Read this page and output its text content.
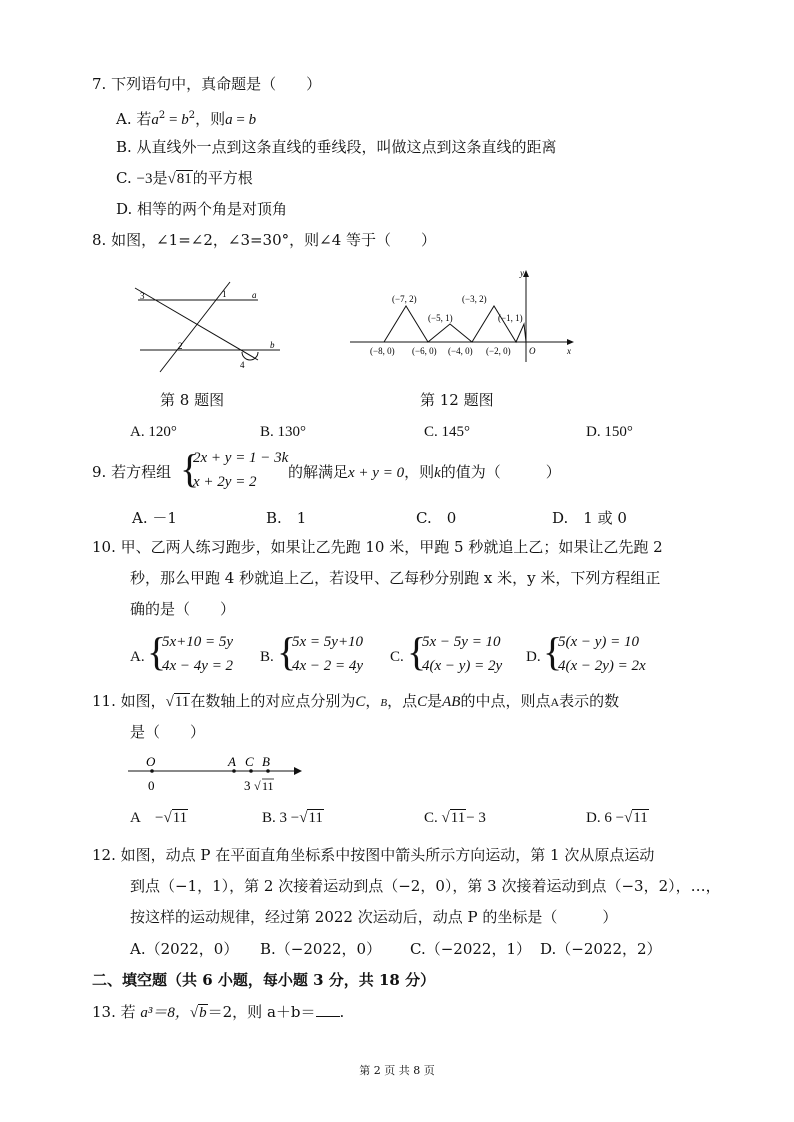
7. 下列语句中，真命题是（　　）
A. 若$a^2 = b^2$，则a = b
B. 从直线外一点到这条直线的垂线段，叫做这点到这条直线的距离
C. −3是√81的平方根
D. 相等的两个角是对顶角
8. 如图，∠1=∠2，∠3=30°，则∠4 等于（　　）
3	1	a
2	b
4
y
x
O
(−7, 2)
(−5, 1)
(−3, 2)
(−1, 1)
(−8, 0) (−6, 0) (−4, 0) (−2, 0)
第 8 题图	第 12 题图
A. 120°	B. 130°	C. 145°	D. 150°
9. 若方程组 {
2x + y = 1 − 3k
x + 2y = 2
的解满足x + y = 0，则k的值为（　　　）
A. －1	B.　1	C.　0	D.　1 或 0
10. 甲、乙两人练习跑步，如果让乙先跑 10 米，甲跑 5 秒就追上乙；如果让乙先跑 2
秒，那么甲跑 4 秒就追上乙，若设甲、乙每秒分别跑 x 米，y 米，下列方程组正
确的是（　　）
A. {
5x+10 = 5y
4x − 4y = 2
B. {
5x = 5y+10
4x − 2 = 4y
C. {
5x − 5y = 10
4(x − y) = 2y
D. {
5(x − y) = 10
4(x − 2y) = 2x
11. 如图，√11在数轴上的对应点分别为C，B，点C是AB的中点，则点A表示的数
是（　　）
O	A C B
0	3 √ 11
A　 −√11	B. 3 −√11	C. √11− 3	D. 6 −√11
12. 如图，动点 P 在平面直角坐标系中按图中箭头所示方向运动，第 1 次从原点运动
到点（−1，1），第 2 次接着运动到点（−2，0），第 3 次接着运动到点（−3，2），…，
按这样的运动规律，经过第 2022 次运动后，动点 P 的坐标是（　　　）
A.（2022，0） B.（−2022，0） C.（−2022，1） D.（−2022，2）
二、填空题（共 6 小题，每小题 3 分，共 18 分）
13. 若 a³＝8，√b＝2，则 a＋b＝ .
第 2 页 共 8 页
